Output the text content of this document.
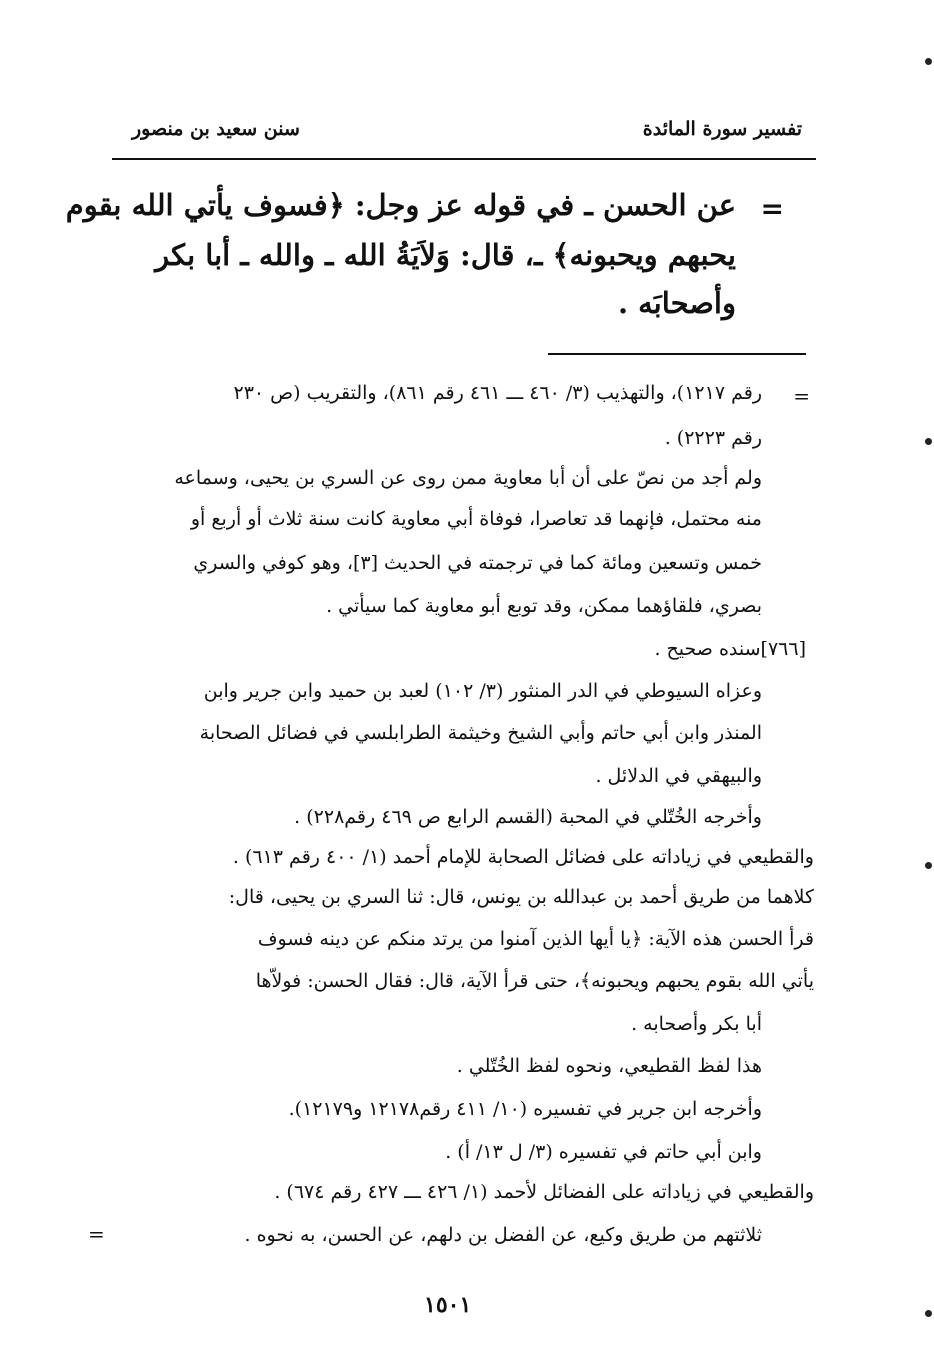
تفسير سورة المائدة
سنن سعيد بن منصور
=
عن الحسن ـ في قوله عز وجل: ﴿فسوف يأتي الله بقوم
يحبهم ويحبونه﴾ ـ، قال: وَلاَيَةُ الله ـ والله ـ أبا بكر
وأصحابَه .
=
=
رقم ١٢١٧)، والتهذيب (٣/ ٤٦٠ ـــ ٤٦١ رقم ٨٦١)، والتقريب (ص ٢٣٠
رقم ٢٢٢٣) .
ولم أجد من نصّ على أن أبا معاوية ممن روى عن السري بن يحيى، وسماعه
منه محتمل، فإنهما قد تعاصرا، فوفاة أبي معاوية كانت سنة ثلاث أو أربع أو
خمس وتسعين ومائة كما في ترجمته في الحديث [٣]، وهو كوفي والسري
بصري، فلقاؤهما ممكن، وقد توبع أبو معاوية كما سيأتي .
[٧٦٦]سنده صحيح .
وعزاه السيوطي في الدر المنثور (٣/ ١٠٢) لعبد بن حميد وابن جرير وابن
المنذر وابن أبي حاتم وأبي الشيخ وخيثمة الطرابلسي في فضائل الصحابة
والبيهقي في الدلائل .
وأخرجه الخُتّلي في المحبة (القسم الرابع ص ٤٦٩ رقم٢٢٨) .
والقطيعي في زياداته على فضائل الصحابة للإمام أحمد (١/ ٤٠٠ رقم ٦١٣) .
كلاهما من طريق أحمد بن عبدالله بن يونس، قال: ثنا السري بن يحيى، قال:
قرأ الحسن هذه الآية: ﴿يا أيها الذين آمنوا من يرتد منكم عن دينه فسوف
يأتي الله بقوم يحبهم ويحبونه﴾، حتى قرأ الآية، قال: فقال الحسن: فولاّها
أبا بكر وأصحابه .
هذا لفظ القطيعي، ونحوه لفظ الخُتّلي .
وأخرجه ابن جرير في تفسيره (١٠/ ٤١١ رقم١٢١٧٨ و١٢١٧٩).
وابن أبي حاتم في تفسيره (٣/ ل ١٣/ أ) .
والقطيعي في زياداته على الفضائل لأحمد (١/ ٤٢٦ ـــ ٤٢٧ رقم ٦٧٤) .
ثلاثتهم من طريق وكيع، عن الفضل بن دلهم، عن الحسن، به نحوه .
١٥٠١
